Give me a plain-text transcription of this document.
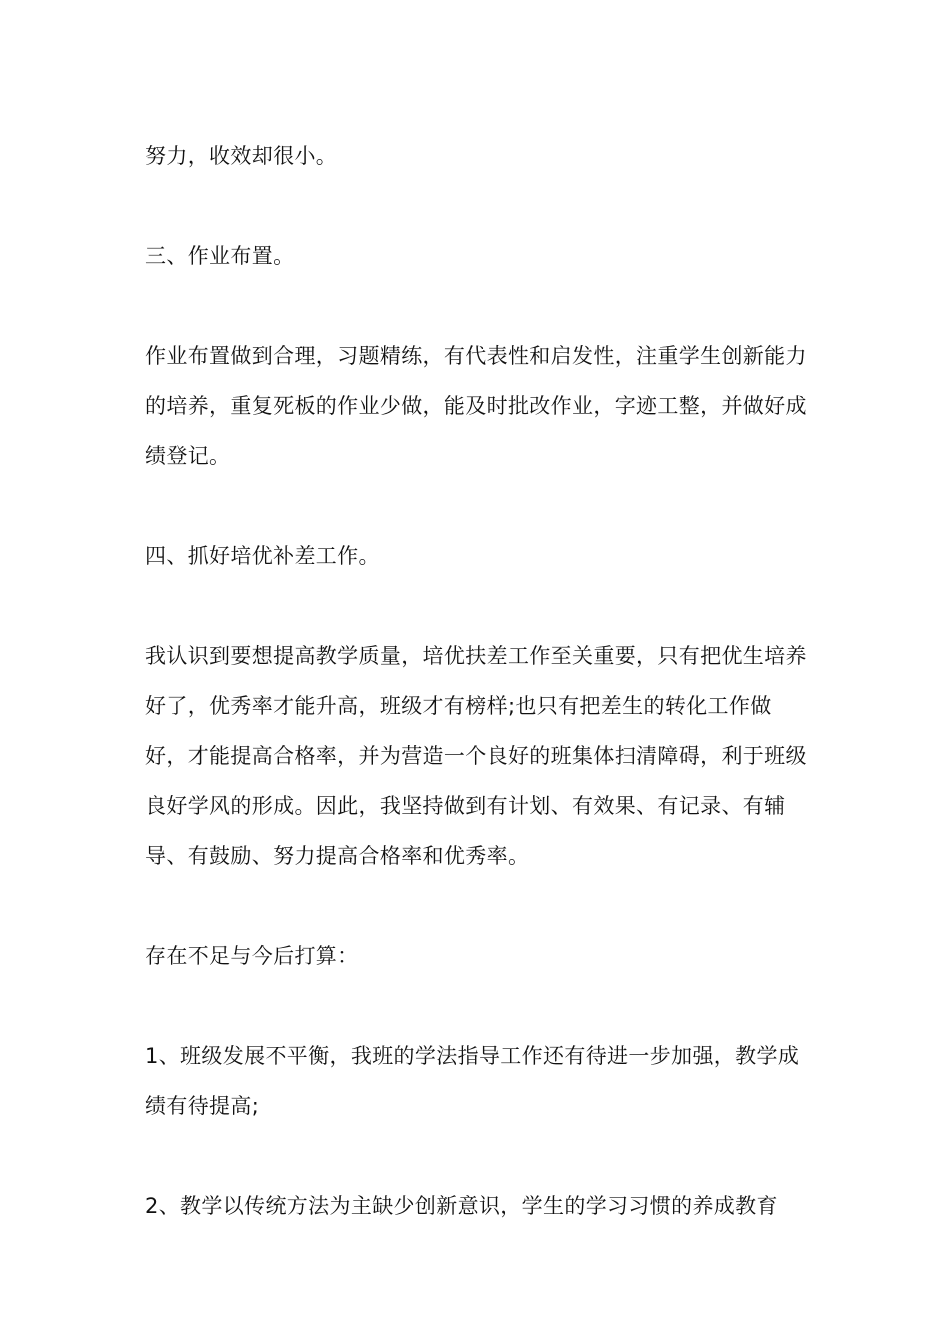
努力，收效却很小。

三、作业布置。

作业布置做到合理，习题精练，有代表性和启发性，注重学生创新能力的培养，重复死板的作业少做，能及时批改作业，字迹工整，并做好成绩登记。

四、抓好培优补差工作。

我认识到要想提高教学质量，培优扶差工作至关重要，只有把优生培养好了，优秀率才能升高，班级才有榜样;也只有把差生的转化工作做好，才能提高合格率，并为营造一个良好的班集体扫清障碍，利于班级良好学风的形成。因此，我坚持做到有计划、有效果、有记录、有辅导、有鼓励、努力提高合格率和优秀率。

存在不足与今后打算：

1、班级发展不平衡，我班的学法指导工作还有待进一步加强，教学成绩有待提高;

2、教学以传统方法为主缺少创新意识，学生的学习习惯的养成教育
